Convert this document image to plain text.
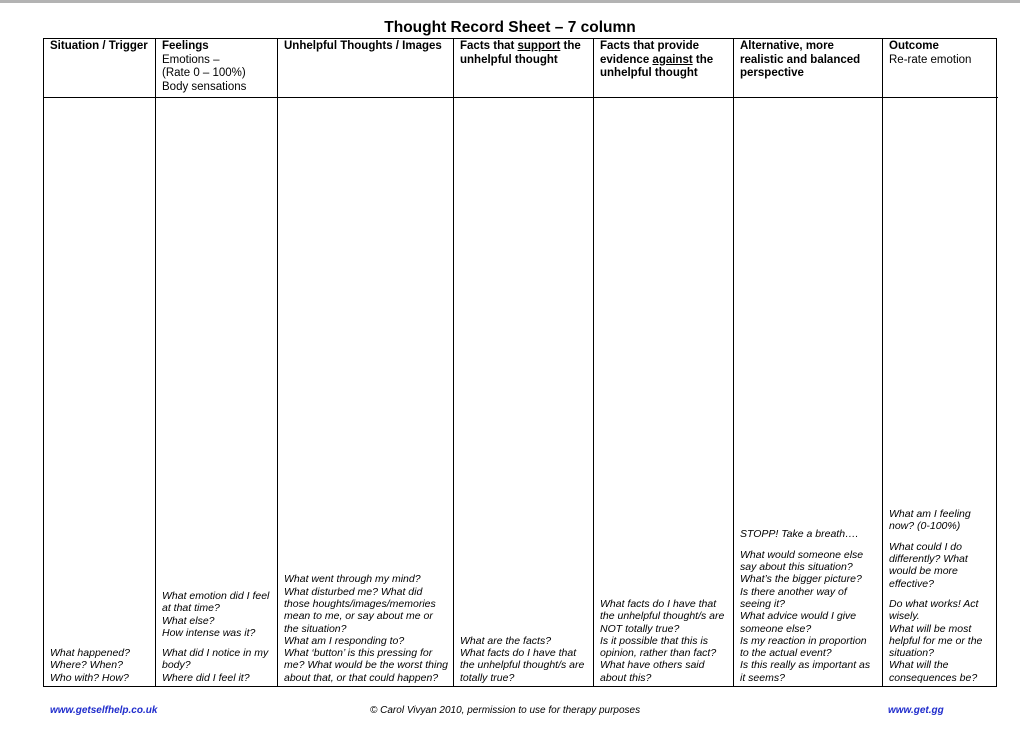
Thought Record Sheet – 7 column
Situation / Trigger

What happened?

Where? When?

Who with? How?

Feelings
Emotions –
(Rate 0 – 100%)
Body sensations

What emotion did I feel at that time?

What else?

How intense was it?

What did I notice in my body?

Where did I feel it?

Unhelpful Thoughts / Images

What went through my mind?

What disturbed me? What did those houghts/images/memories mean to me, or say about me or the situation?

What am I responding to?

What ‘button’ is this pressing for me? What would be the worst thing about that, or that could happen?

Facts that support the unhelpful thought

What are the facts?

What facts do I have that the unhelpful thought/s are totally true?

Facts that provide evidence against the unhelpful thought

What facts do I have that the unhelpful thought/s are NOT totally true?

Is it possible that this is opinion, rather than fact?

What have others said about this?

Alternative, more realistic and balanced perspective

STOPP! Take a breath….

What would someone else say about this situation?

What’s the bigger picture?

Is there another way of seeing it?

What advice would I give someone else?

Is my reaction in proportion to the actual event?

Is this really as important as it seems?

Outcome
Re-rate emotion

What am I feeling now? (0-100%)

What could I do differently? What would be more effective?

Do what works! Act wisely.

What will be most helpful for me or the situation?

What will the consequences be?

www.getselfhelp.co.uk	© Carol Vivyan 2010, permission to use for therapy purposes	www.get.gg
